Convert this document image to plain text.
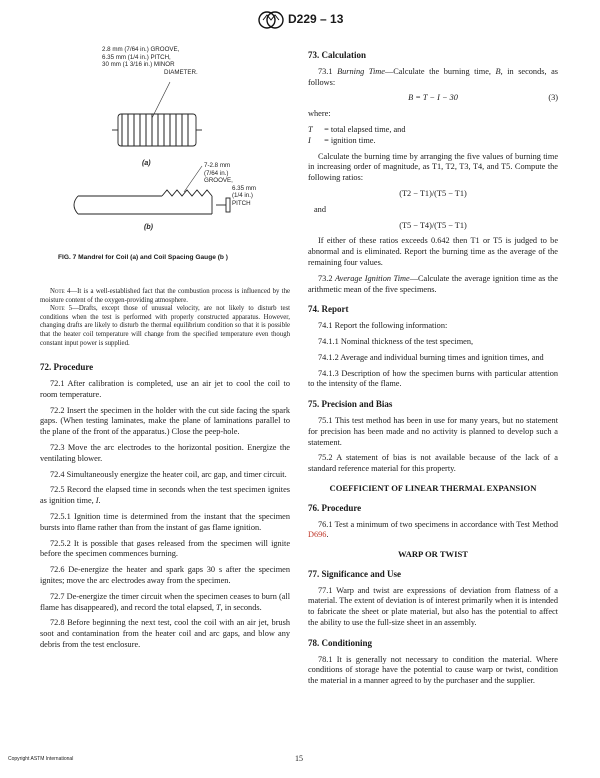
D229 – 13
2.8 mm (7/64 in.) GROOVE,
6.35 mm (1/4 in.) PITCH,
30 mm (1 3/16 in.) MINOR
DIAMETER.
(a)	7-2.8 mm
(7/64 in.)
GROOVE,
6.35 mm
(1/4 in.)
PITCH
(b)
FIG. 7 Mandrel for Coil (a) and Coil Spacing Gauge (b )

Note 4—It is a well-established fact that the combustion process is influenced by the moisture content of the oxygen-providing atmosphere.

Note 5—Drafts, except those of unusual velocity, are not likely to disturb test conditions when the test is performed with properly constructed apparatus. However, changing drafts are likely to disturb the thermal equilibrium condition so that it is possible that the heater coil temperature will change from the specified temperature even though constant input power is supplied.

72. Procedure

72.1 After calibration is completed, use an air jet to cool the coil to room temperature.

72.2 Insert the specimen in the holder with the cut side facing the spark gaps. (When testing laminates, make the plane of laminations parallel to the plane of the front of the apparatus.) Close the peep-hole.

72.3 Move the arc electrodes to the horizontal position. Energize the ventilating blower.

72.4 Simultaneously energize the heater coil, arc gap, and timer circuit.

72.5 Record the elapsed time in seconds when the test specimen ignites as ignition time, I.

72.5.1 Ignition time is determined from the instant that the specimen bursts into flame rather than from the instant of gas flame ignition.

72.5.2 It is possible that gases released from the specimen will ignite before the specimen commences burning.

72.6 De-energize the heater and spark gaps 30 s after the specimen ignites; move the arc electrodes away from the specimen.

72.7 De-energize the timer circuit when the specimen ceases to burn (all flame has disappeared), and record the total elapsed, T, in seconds.

72.8 Before beginning the next test, cool the coil with an air jet, brush soot and contamination from the heater coil and arc gaps, and blow any debris from the test enclosure.

73. Calculation

73.1 Burning Time—Calculate the burning time, B, in seconds, as follows:

B = T − I − 30	(3)

where:

T = total elapsed time, and

I = ignition time.

Calculate the burning time by arranging the five values of burning time in increasing order of magnitude, as T1, T2, T3, T4, and T5. Compute the following ratios:

(T2 − T1)/(T5 − T1)

and

(T5 − T4)/(T5 − T1)

If either of these ratios exceeds 0.642 then T1 or T5 is judged to be abnormal and is eliminated. Report the burning time as the average of the remaining four values.

73.2 Average Ignition Time—Calculate the average ignition time as the arithmetic mean of the five specimens.

74. Report

74.1 Report the following information:

74.1.1 Nominal thickness of the test specimen,

74.1.2 Average and individual burning times and ignition times, and

74.1.3 Description of how the specimen burns with particular attention to the intensity of the flame.

75. Precision and Bias

75.1 This test method has been in use for many years, but no statement for precision has been made and no activity is planned to develop such a statement.

75.2 A statement of bias is not available because of the lack of a standard reference material for this property.

COEFFICIENT OF LINEAR THERMAL EXPANSION
76. Procedure

76.1 Test a minimum of two specimens in accordance with Test Method D696.

WARP OR TWIST
77. Significance and Use

77.1 Warp and twist are expressions of deviation from flatness of a material. The extent of deviation is of interest primarily when it is intended to fabricate the sheet or plate material, but also has the potential to affect the ability to use the full-size sheet in an assembly.

78. Conditioning

78.1 It is generally not necessary to condition the material. Where conditions of storage have the potential to cause warp or twist, condition the material in a manner agreed to by the purchaser and the supplier.

Copyright ASTM International	15
